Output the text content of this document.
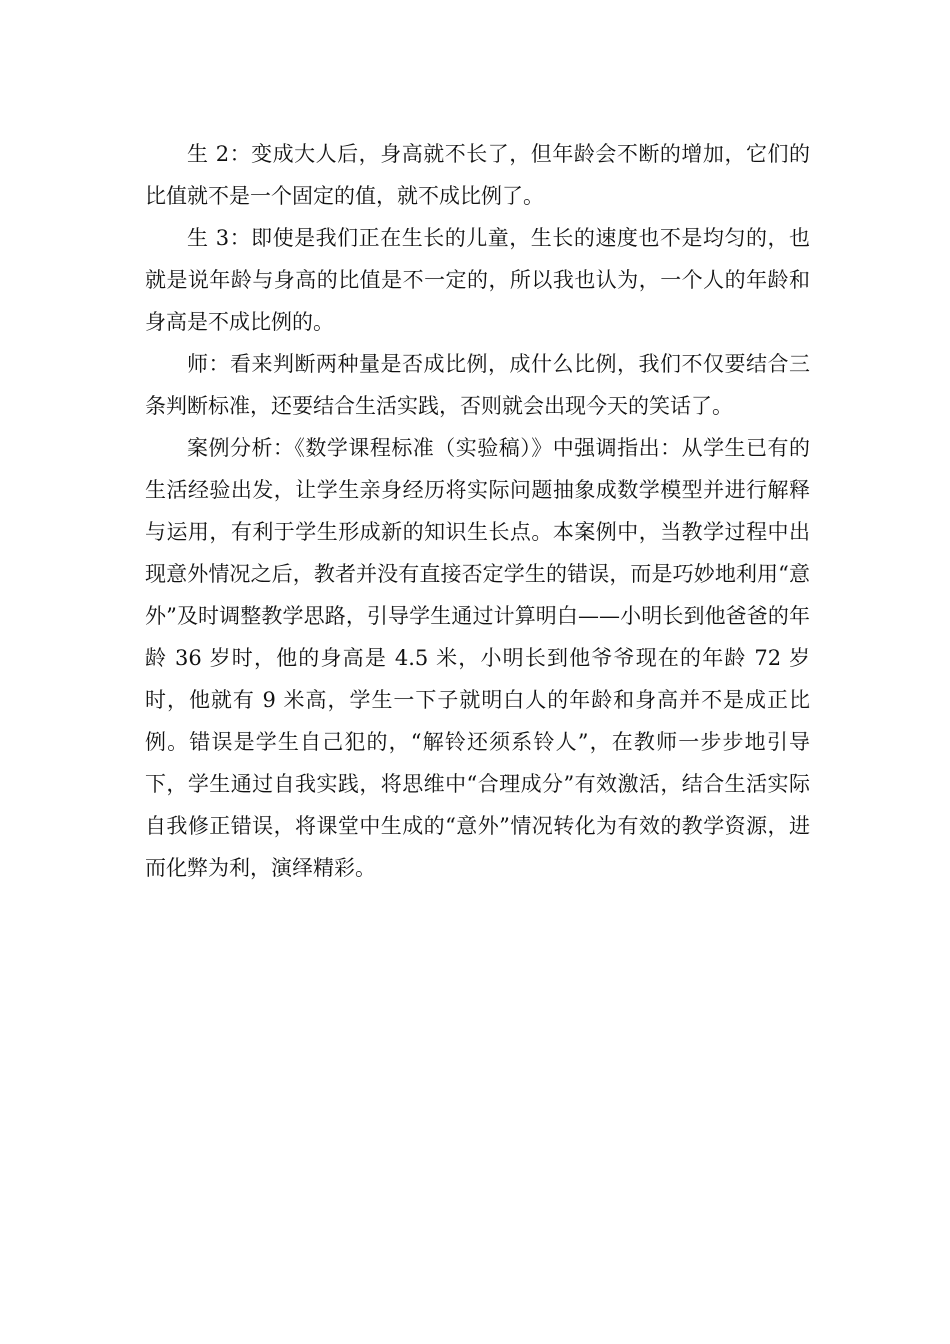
生 2：变成大人后，身高就不长了，但年龄会不断的增加，它们的比值就不是一个固定的值，就不成比例了。

生 3：即使是我们正在生长的儿童，生长的速度也不是均匀的，也就是说年龄与身高的比值是不一定的，所以我也认为，一个人的年龄和身高是不成比例的。

师：看来判断两种量是否成比例，成什么比例，我们不仅要结合三条判断标准，还要结合生活实践，否则就会出现今天的笑话了。

案例分析：《数学课程标准（实验稿）》中强调指出：从学生已有的生活经验出发，让学生亲身经历将实际问题抽象成数学模型并进行解释与运用，有利于学生形成新的知识生长点。本案例中，当教学过程中出现意外情况之后，教者并没有直接否定学生的错误，而是巧妙地利用“意外”及时调整教学思路，引导学生通过计算明白——小明长到他爸爸的年龄 36 岁时，他的身高是 4.5 米，小明长到他爷爷现在的年龄 72 岁时，他就有 9 米高，学生一下子就明白人的年龄和身高并不是成正比例。错误是学生自己犯的，“解铃还须系铃人”，在教师一步步地引导下，学生通过自我实践，将思维中“合理成分”有效激活，结合生活实际自我修正错误，将课堂中生成的“意外”情况转化为有效的教学资源，进而化弊为利，演绎精彩。
